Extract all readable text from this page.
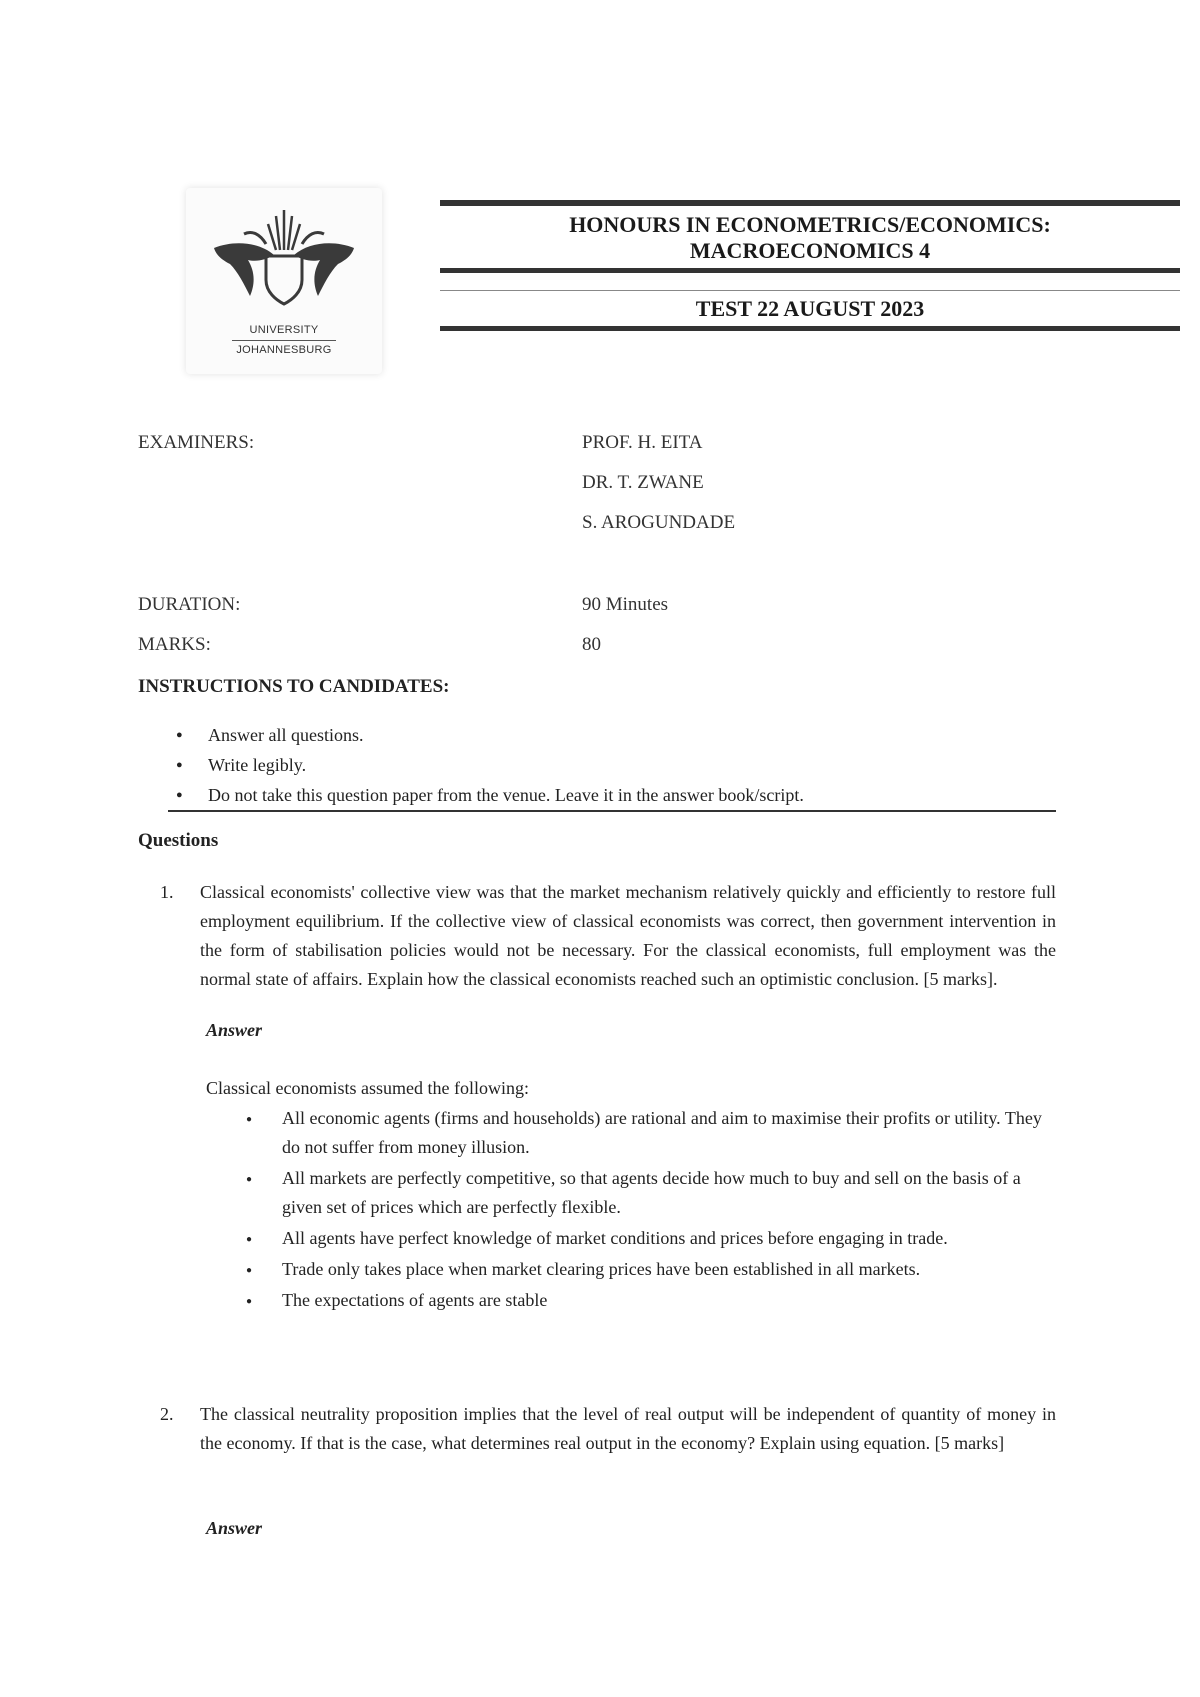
UNIVERSITY
JOHANNESBURG
HONOURS IN ECONOMETRICS/ECONOMICS:
MACROECONOMICS 4
TEST 22 AUGUST 2023
EXAMINERS:	PROF. H. EITA
DR. T. ZWANE
S. AROGUNDADE
DURATION:	90 Minutes
MARKS:	80
INSTRUCTIONS TO CANDIDATES:
● Answer all questions.
● Write legibly.
● Do not take this question paper from the venue. Leave it in the answer book/script.
Questions
1. Classical economists' collective view was that the market mechanism relatively quickly and efficiently to restore full employment equilibrium. If the collective view of classical economists was correct, then government intervention in the form of stabilisation policies would not be necessary. For the classical economists, full employment was the normal state of affairs. Explain how the classical economists reached such an optimistic conclusion. [5 marks].
Answer
Classical economists assumed the following:
● All economic agents (firms and households) are rational and aim to maximise their profits or utility. They do not suffer from money illusion.
● All markets are perfectly competitive, so that agents decide how much to buy and sell on the basis of a given set of prices which are perfectly flexible.
● All agents have perfect knowledge of market conditions and prices before engaging in trade.
● Trade only takes place when market clearing prices have been established in all markets.
● The expectations of agents are stable
2. The classical neutrality proposition implies that the level of real output will be independent of quantity of money in the economy. If that is the case, what determines real output in the economy? Explain using equation. [5 marks]
Answer
